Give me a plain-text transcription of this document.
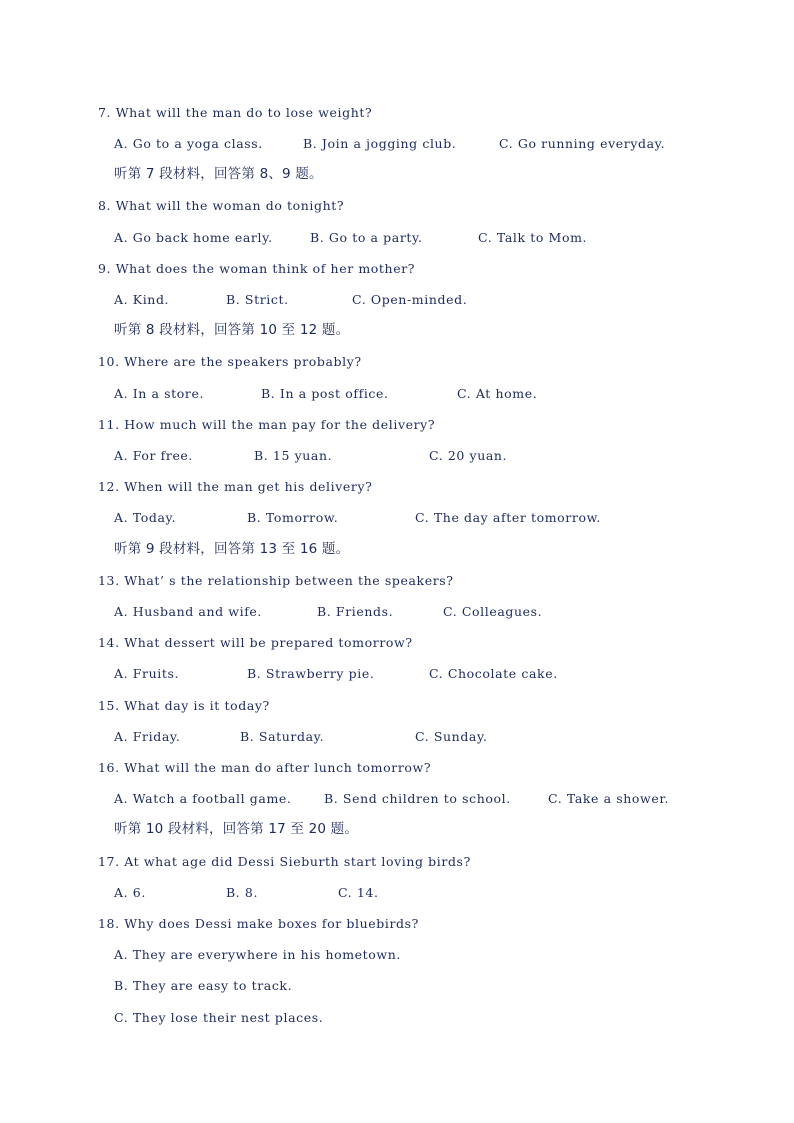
7. What will the man do to lose weight?
A. Go to a yoga class.	B. Join a jogging club.	C. Go running everyday.
听第 7 段材料，回答第 8、9 题。
8. What will the woman do tonight?
A. Go back home early.	B. Go to a party.	C. Talk to Mom.
9. What does the woman think of her mother?
A. Kind.	B. Strict.	C. Open-minded.
听第 8 段材料，回答第 10 至 12 题。
10. Where are the speakers probably?
A. In a store.	B. In a post office.	C. At home.
11. How much will the man pay for the delivery?
A. For free.	B. 15 yuan.	C. 20 yuan.
12. When will the man get his delivery?
A. Today.	B. Tomorrow.	C. The day after tomorrow.
听第 9 段材料，回答第 13 至 16 题。
13. What’ s the relationship between the speakers?
A. Husband and wife.	B. Friends.	C. Colleagues.
14. What dessert will be prepared tomorrow?
A. Fruits.	B. Strawberry pie.	C. Chocolate cake.
15. What day is it today?
A. Friday.	B. Saturday.	C. Sunday.
16. What will the man do after lunch tomorrow?
A. Watch a football game.	B. Send children to school.	C. Take a shower.
听第 10 段材料，回答第 17 至 20 题。
17. At what age did Dessi Sieburth start loving birds?
A. 6.	B. 8.	C. 14.
18. Why does Dessi make boxes for bluebirds?
A. They are everywhere in his hometown.
B. They are easy to track.
C. They lose their nest places.
